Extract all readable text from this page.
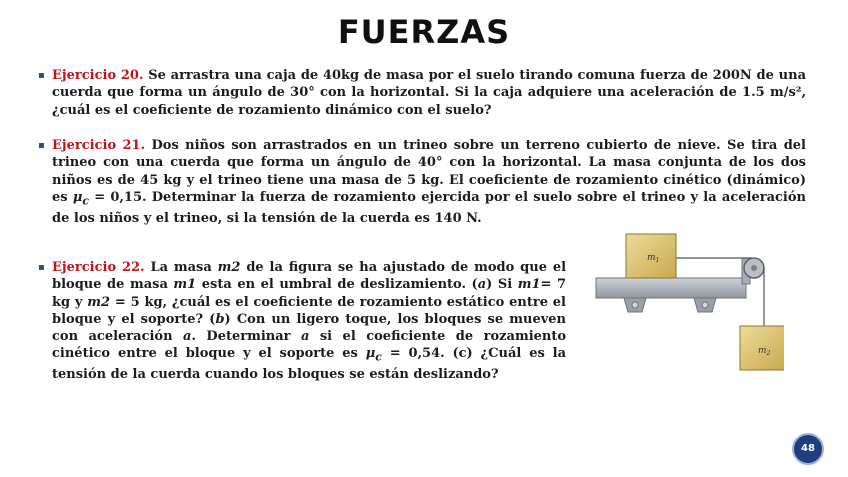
FUERZAS
▪ Ejercicio 20. Se arrastra una caja de 40kg de masa por el suelo tirando comuna fuerza de 200N de una cuerda que forma un ángulo de 30° con la horizontal. Si la caja adquiere una aceleración de 1.5 m/s², ¿cuál es el coeficiente de rozamiento dinámico con el suelo?
▪ Ejercicio 21. Dos niños son arrastrados en un trineo sobre un terreno cubierto de nieve. Se tira del trineo con una cuerda que forma un ángulo de 40° con la horizontal. La masa conjunta de los dos niños es de 45 kg y el trineo tiene una masa de 5 kg. El coeficiente de rozamiento cinético (dinámico) es $\mu_c = 0,15$. Determinar la fuerza de rozamiento ejercida por el suelo sobre el trineo y la aceleración de los niños y el trineo, si la tensión de la cuerda es 140 N.
▪ Ejercicio 22. La masa m2 de la figura se ha ajustado de modo que el bloque de masa m1 esta en el umbral de deslizamiento. (a) Si m1= 7 kg y m2 = 5 kg, ¿cuál es el coeficiente de rozamiento estático entre el bloque y el soporte? (b) Con un ligero toque, los bloques se mueven con aceleración a. Determinar a si el coeficiente de rozamiento cinético entre el bloque y el soporte es $\mu_c = 0,54$. (c) ¿Cuál es la tensión de la cuerda cuando los bloques se están deslizando?
$m_1$
$m_2$
48
